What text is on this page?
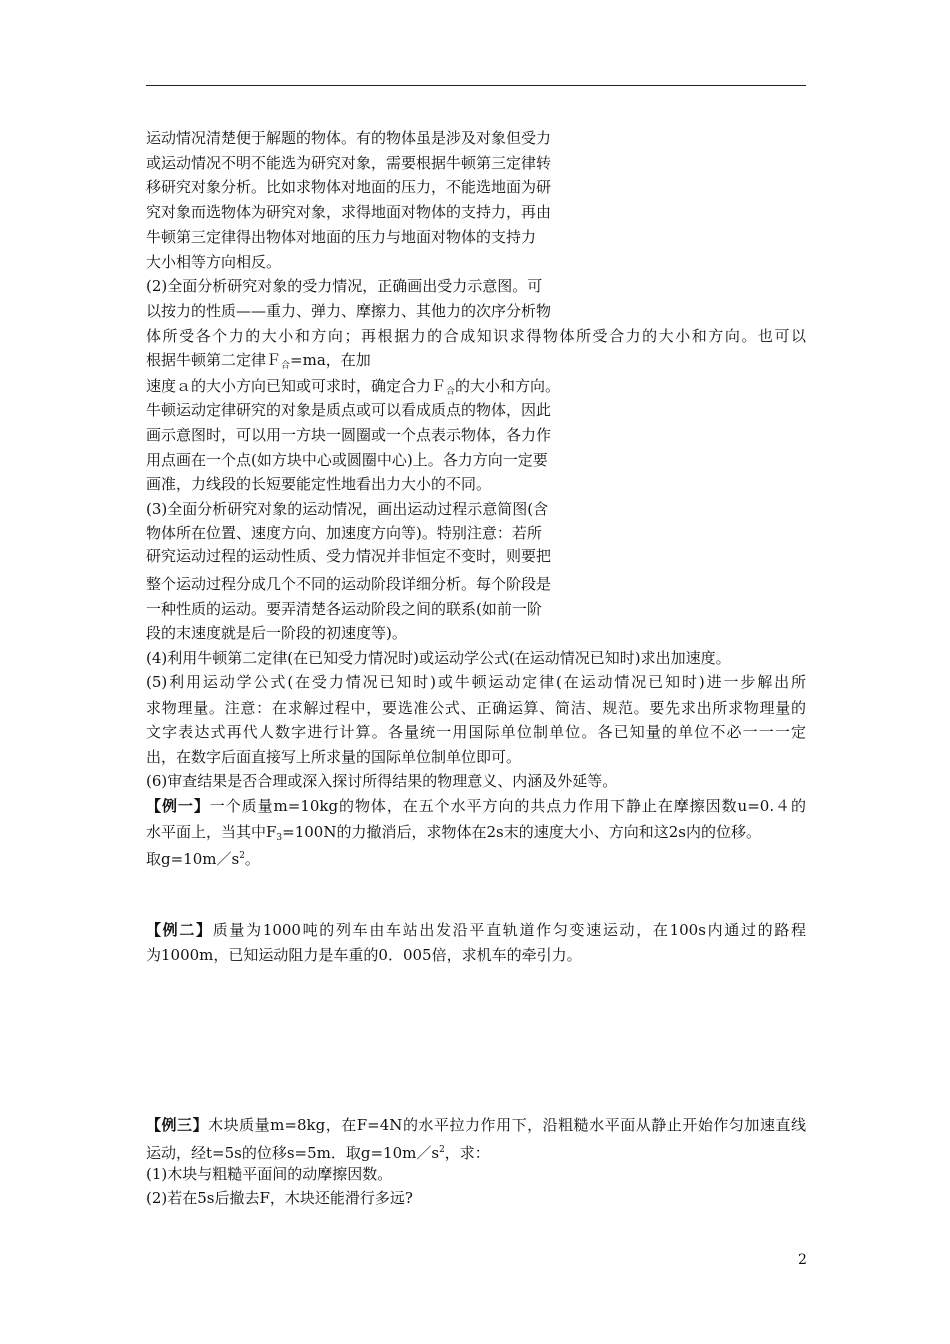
运动情况清楚便于解题的物体。有的物体虽是涉及对象但受力
或运动情况不明不能选为研究对象，需要根据牛顿第三定律转
移研究对象分析。比如求物体对地面的压力，不能选地面为研
究对象而选物体为研究对象，求得地面对物体的支持力，再由
牛顿第三定律得出物体对地面的压力与地面对物体的支持力
大小相等方向相反。
(2)全面分析研究对象的受力情况，正确画出受力示意图。可
以按力的性质——重力、弹力、摩擦力、其他力的次序分析物
体所受各个力的大小和方向；再根据力的合成知识求得物体所受合力的大小和方向。也可以
根据牛顿第二定律Ｆ$_合$=ma，在加
速度ａ的大小方向已知或可求时，确定合力Ｆ$_合$的大小和方向。
牛顿运动定律研究的对象是质点或可以看成质点的物体，因此
画示意图时，可以用一方块一圆圈或一个点表示物体，各力作
用点画在一个点(如方块中心或圆圈中心)上。各力方向一定要
画准，力线段的长短要能定性地看出力大小的不同。
(3)全面分析研究对象的运动情况，画出运动过程示意简图(含
物体所在位置、速度方向、加速度方向等)。特别注意：若所
研究运动过程的运动性质、受力情况并非恒定不变时，则要把
整个运动过程分成几个不同的运动阶段详细分析。每个阶段是
一种性质的运动。要弄清楚各运动阶段之间的联系(如前一阶
段的末速度就是后一阶段的初速度等)。
(4)利用牛顿第二定律(在已知受力情况时)或运动学公式(在运动情况已知时)求出加速度。
(5)利用运动学公式(在受力情况已知时)或牛顿运动定律(在运动情况已知时)进一步解出所
求物理量。注意：在求解过程中，要选准公式、正确运算、简洁、规范。要先求出所求物理量的
文字表达式再代人数字进行计算。各量统一用国际单位制单位。各已知量的单位不必一一一定
出，在数字后面直接写上所求量的国际单位制单位即可。
(6)审查结果是否合理或深入探讨所得结果的物理意义、内涵及外延等。
【例一】一个质量m=10kg的物体，在五个水平方向的共点力作用下静止在摩擦因数u=0.４的
水平面上，当其中$F_3=100N$的力撤消后，求物体在2s末的速度大小、方向和这2s内的位移。
取$g=10m/s^2$。
【例二】质量为1000吨的列车由车站出发沿平直轨道作匀变速运动，在100s内通过的路程
为1000m，已知运动阻力是车重的0．005倍，求机车的牵引力。
【例三】木块质量m=8kg，在F=4N的水平拉力作用下，沿粗糙水平面从静止开始作匀加速直线
运动，经t=5s的位移s=5m．取$g=10m/s^2$，求：
(1)木块与粗糙平面间的动摩擦因数。
(2)若在5s后撤去F，木块还能滑行多远?
2
